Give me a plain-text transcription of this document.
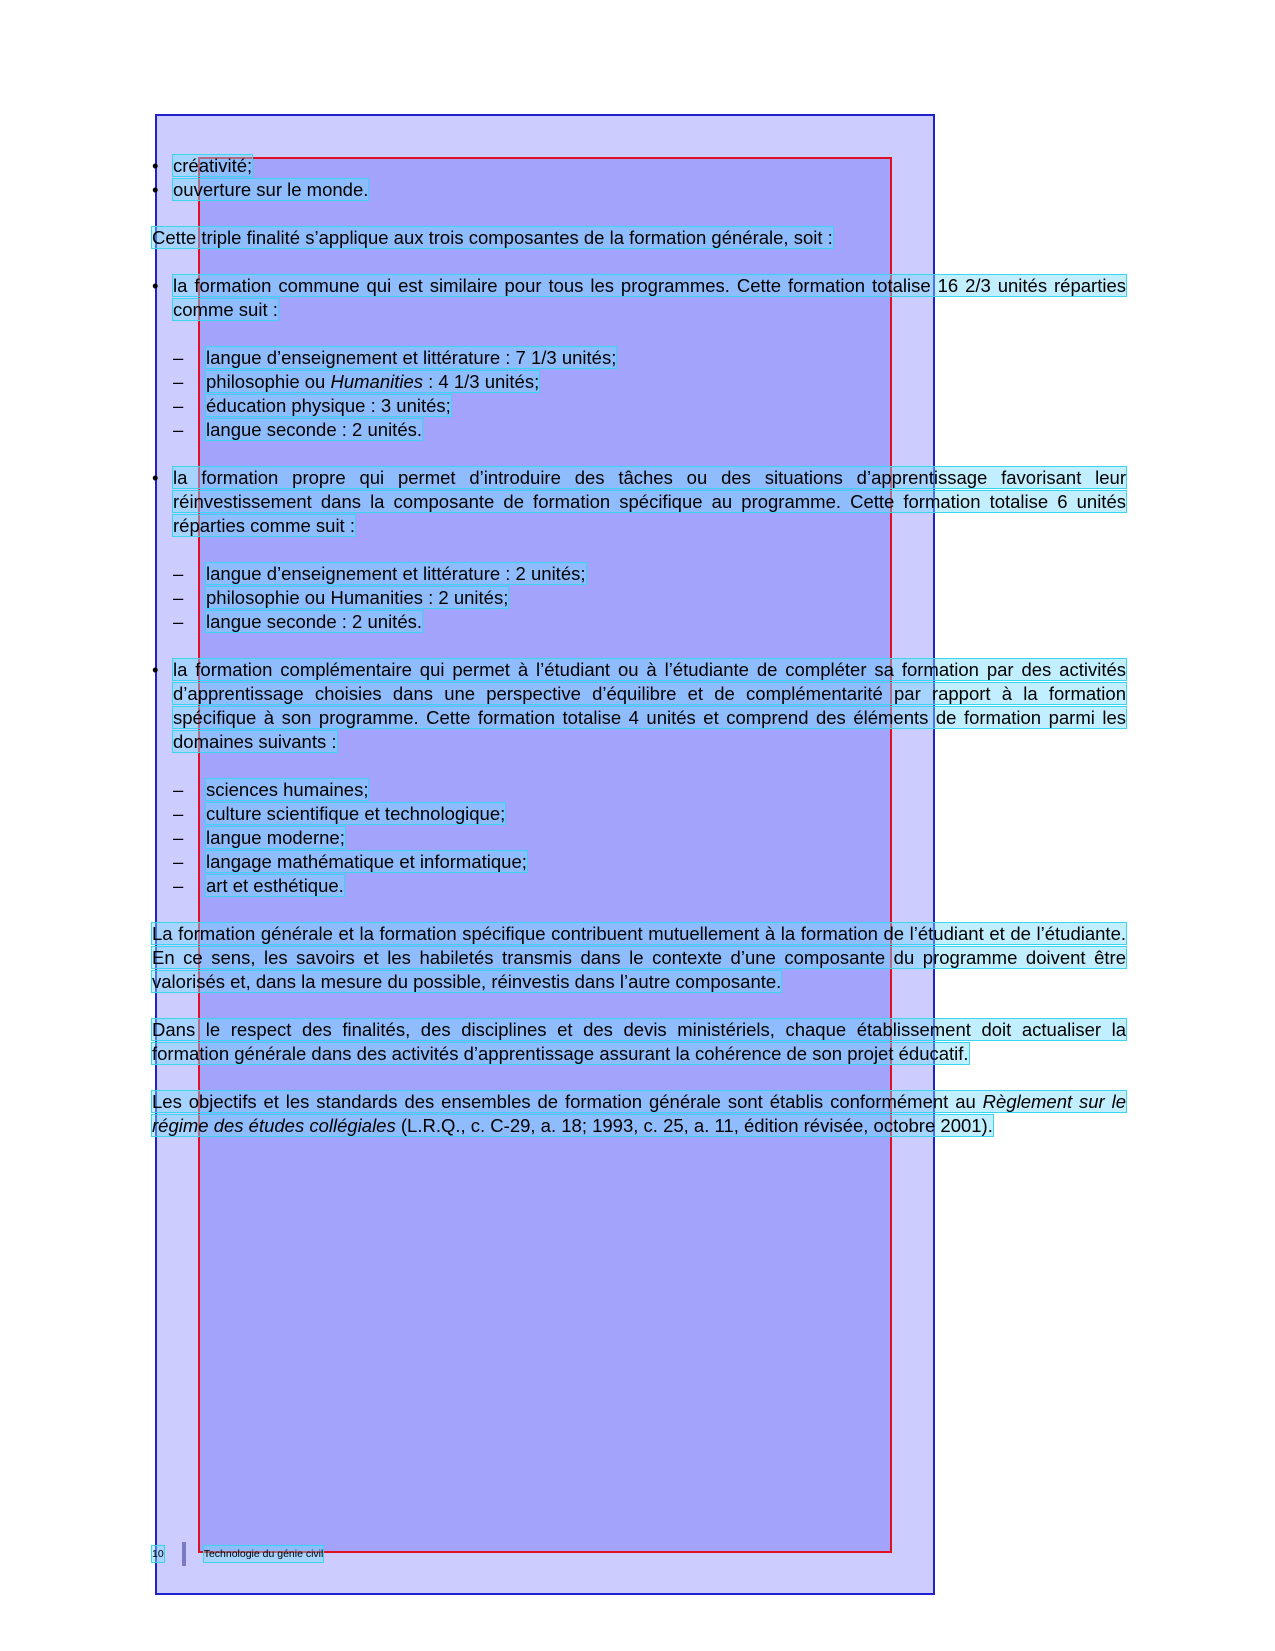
• créativité;

• ouverture sur le monde.

Cette triple finalité s’applique aux trois composantes de la formation générale, soit :

• la formation commune qui est similaire pour tous les programmes. Cette formation totalise 16 2/3 unités réparties comme suit :

– langue d’enseignement et littérature : 7 1/3 unités;

– philosophie ou Humanities : 4 1/3 unités;

– éducation physique : 3 unités;

– langue seconde : 2 unités.

• la formation propre qui permet d’introduire des tâches ou des situations d’apprentissage favorisant leur réinvestissement dans la composante de formation spécifique au programme. Cette formation totalise 6 unités réparties comme suit :

– langue d’enseignement et littérature : 2 unités;

– philosophie ou Humanities : 2 unités;

– langue seconde : 2 unités.

• la formation complémentaire qui permet à l’étudiant ou à l’étudiante de compléter sa formation par des activités d’apprentissage choisies dans une perspective d’équilibre et de complémentarité par rapport à la formation spécifique à son programme. Cette formation totalise 4 unités et comprend des éléments de formation parmi les domaines suivants :

– sciences humaines;

– culture scientifique et technologique;

– langue moderne;

– langage mathématique et informatique;

– art et esthétique.

La formation générale et la formation spécifique contribuent mutuellement à la formation de l’étudiant et de l’étudiante. En ce sens, les savoirs et les habiletés transmis dans le contexte d’une composante du programme doivent être valorisés et, dans la mesure du possible, réinvestis dans l’autre composante.

Dans le respect des finalités, des disciplines et des devis ministériels, chaque établissement doit actualiser la formation générale dans des activités d’apprentissage assurant la cohérence de son projet éducatif.

Les objectifs et les standards des ensembles de formation générale sont établis conformément au Règlement sur le régime des études collégiales (L.R.Q., c. C-29, a. 18; 1993, c. 25, a. 11, édition révisée, octobre 2001).

10	Technologie du génie civil
